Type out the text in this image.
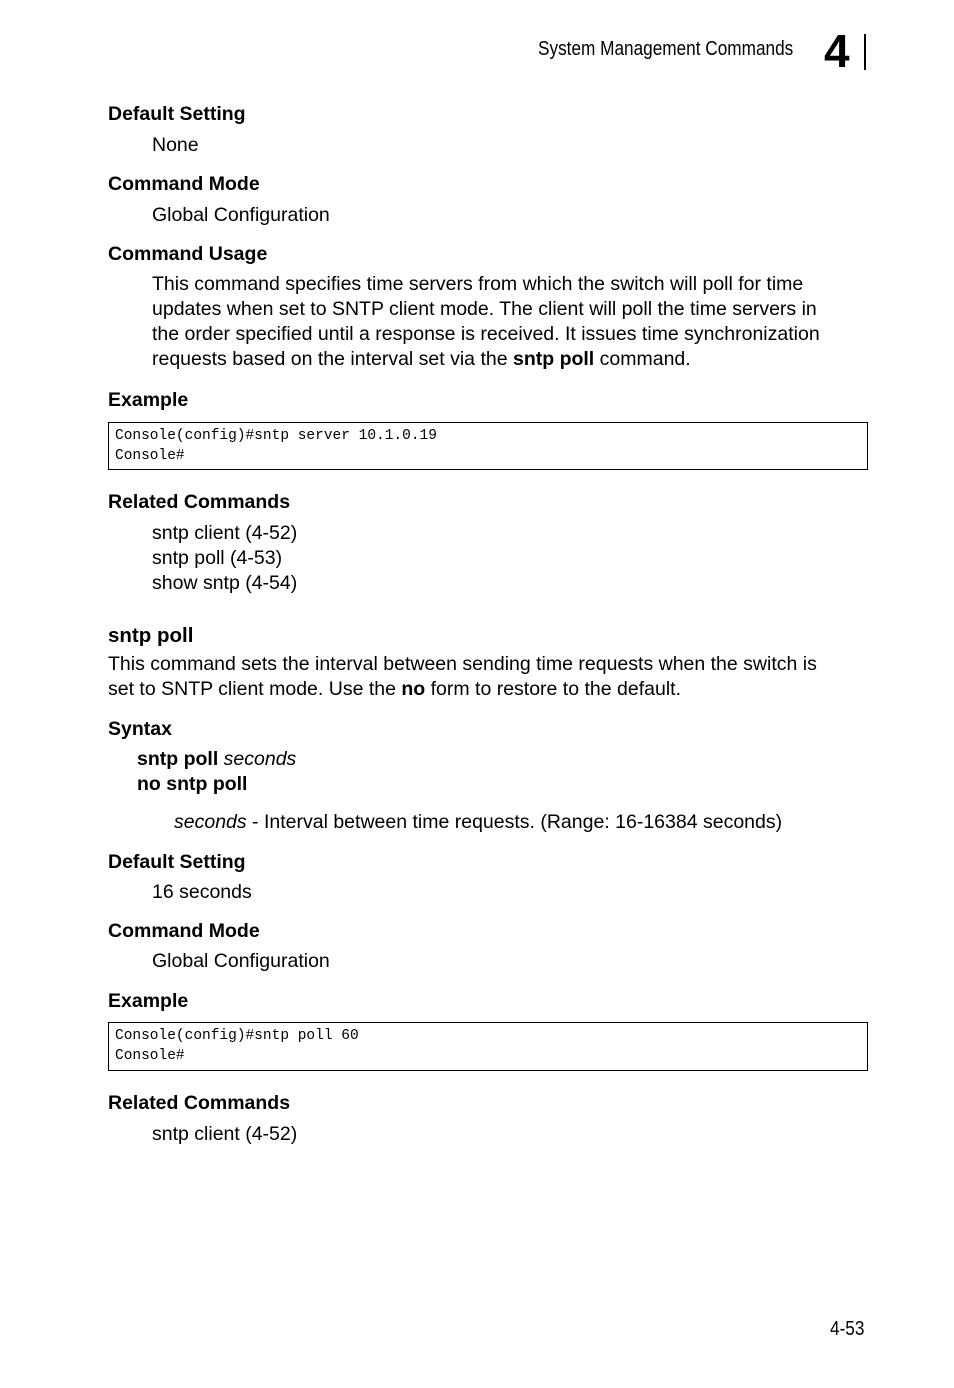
System Management Commands 4
Default Setting
None
Command Mode
Global Configuration
Command Usage
This command specifies time servers from which the switch will poll for time
updates when set to SNTP client mode. The client will poll the time servers in
the order specified until a response is received. It issues time synchronization
requests based on the interval set via the sntp poll command.
Example
Console(config)#sntp server 10.1.0.19
Console#
Related Commands
sntp client (4-52)
sntp poll (4-53)
show sntp (4-54)
sntp poll
This command sets the interval between sending time requests when the switch is
set to SNTP client mode. Use the no form to restore to the default.
Syntax
sntp poll seconds
no sntp poll
seconds - Interval between time requests. (Range: 16-16384 seconds)
Default Setting
16 seconds
Command Mode
Global Configuration
Example
Console(config)#sntp poll 60
Console#
Related Commands
sntp client (4-52)
4-53
